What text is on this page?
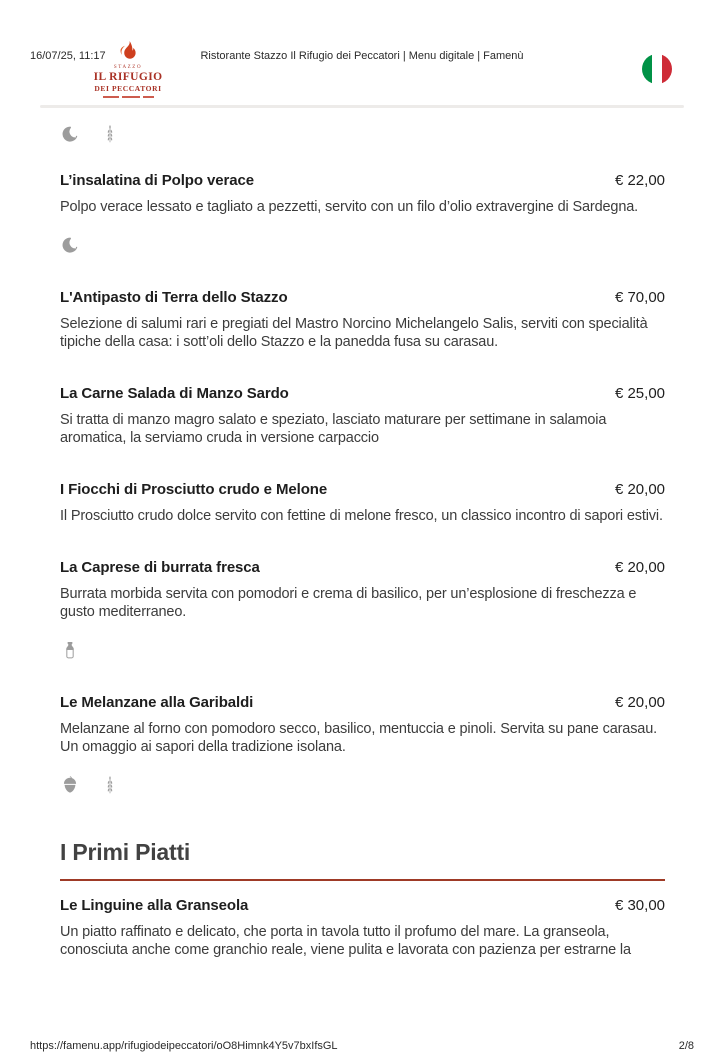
16/07/25, 11:17	Ristorante Stazzo Il Rifugio dei Peccatori | Menu digitale | Famenù
STAZZO
IL RIFUGIO
DEI PECCATORI
L’insalatina di Polpo verace	€ 22,00
Polpo verace lessato e tagliato a pezzetti, servito con un filo d’olio extravergine di Sardegna.
L'Antipasto di Terra dello Stazzo	€ 70,00
Selezione di salumi rari e pregiati del Mastro Norcino Michelangelo Salis, serviti con specialità tipiche della casa: i sott’oli dello Stazzo e la panedda fusa su carasau.
La Carne Salada di Manzo Sardo	€ 25,00
Si tratta di manzo magro salato e speziato, lasciato maturare per settimane in salamoia aromatica, la serviamo cruda in versione carpaccio
I Fiocchi di Prosciutto crudo e Melone	€ 20,00
Il Prosciutto crudo dolce servito con fettine di melone fresco, un classico incontro di sapori estivi.
La Caprese di burrata fresca	€ 20,00
Burrata morbida servita con pomodori e crema di basilico, per un’esplosione di freschezza e gusto mediterraneo.
Le Melanzane alla Garibaldi	€ 20,00
Melanzane al forno con pomodoro secco, basilico, mentuccia e pinoli. Servita su pane carasau. Un omaggio ai sapori della tradizione isolana.
I Primi Piatti
Le Linguine alla Granseola	€ 30,00
Un piatto raffinato e delicato, che porta in tavola tutto il profumo del mare. La granseola, conosciuta anche come granchio reale, viene pulita e lavorata con pazienza per estrarne la
https://famenu.app/rifugiodeipeccatori/oO8Himnk4Y5v7bxIfsGL	2/8
